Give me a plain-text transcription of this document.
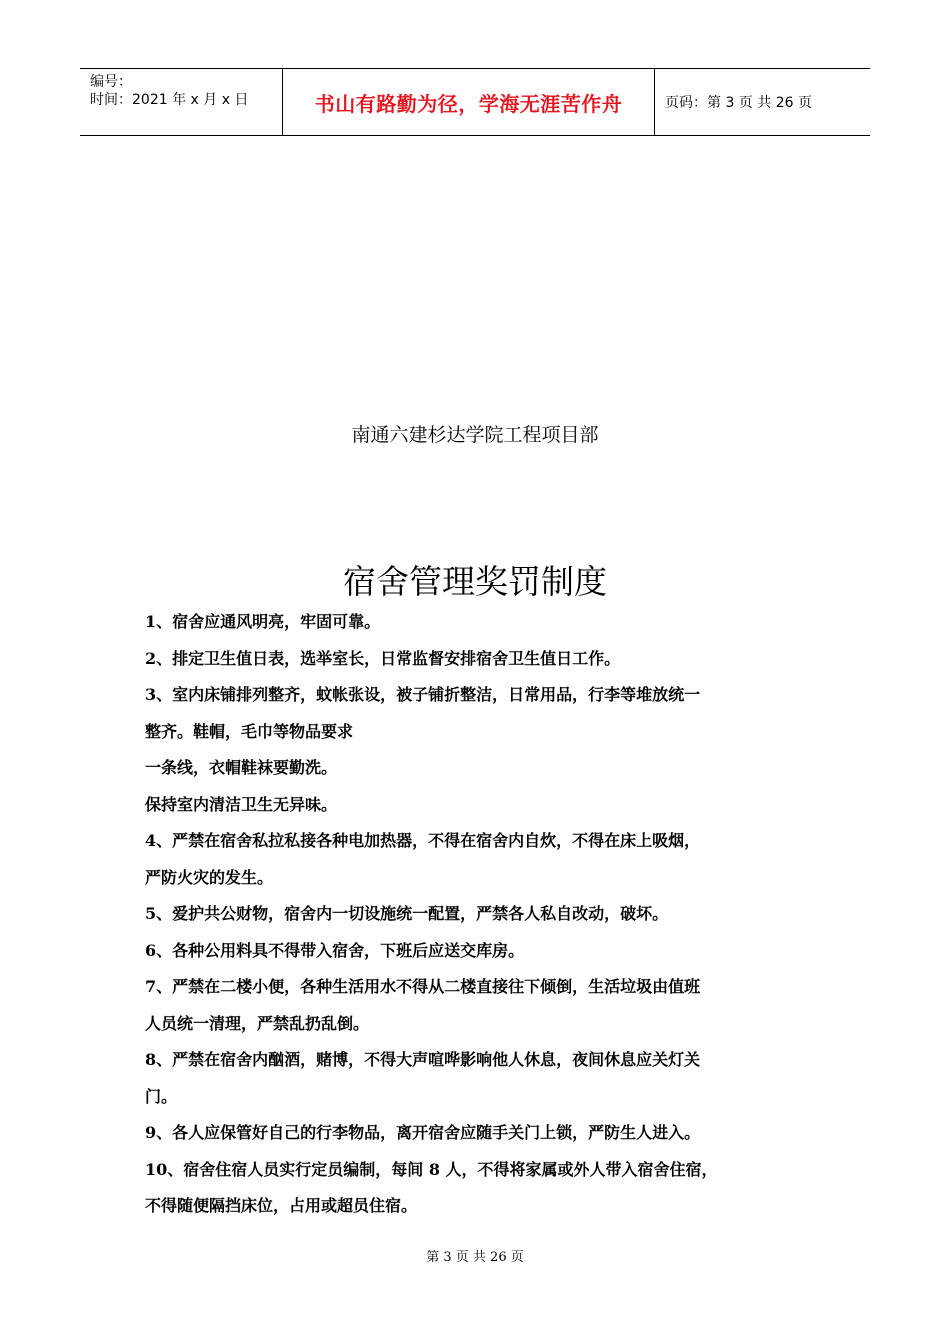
编号：
时间：2021 年 x 月 x 日	书山有路勤为径，学海无涯苦作舟	页码：第 3 页 共 26 页
南通六建杉达学院工程项目部
宿舍管理奖罚制度

1、宿舍应通风明亮，牢固可靠。

2、排定卫生值日表，选举室长，日常监督安排宿舍卫生值日工作。

3、室内床铺排列整齐，蚊帐张设，被子铺折整洁，日常用品，行李等堆放统一

整齐。鞋帽，毛巾等物品要求

一条线，衣帽鞋袜要勤洗。

保持室内清洁卫生无异味。

4、严禁在宿舍私拉私接各种电加热器，不得在宿舍内自炊，不得在床上吸烟，

严防火灾的发生。

5、爱护共公财物，宿舍内一切设施统一配置，严禁各人私自改动，破坏。

6、各种公用料具不得带入宿舍，下班后应送交库房。

7、严禁在二楼小便，各种生活用水不得从二楼直接往下倾倒，生活垃圾由值班

人员统一清理，严禁乱扔乱倒。

8、严禁在宿舍内酗酒，赌博，不得大声喧哗影响他人休息，夜间休息应关灯关

门。

9、各人应保管好自己的行李物品，离开宿舍应随手关门上锁，严防生人进入。

10、宿舍住宿人员实行定员编制，每间 8 人，不得将家属或外人带入宿舍住宿，

不得随便隔挡床位，占用或超员住宿。

第 3 页 共 26 页
